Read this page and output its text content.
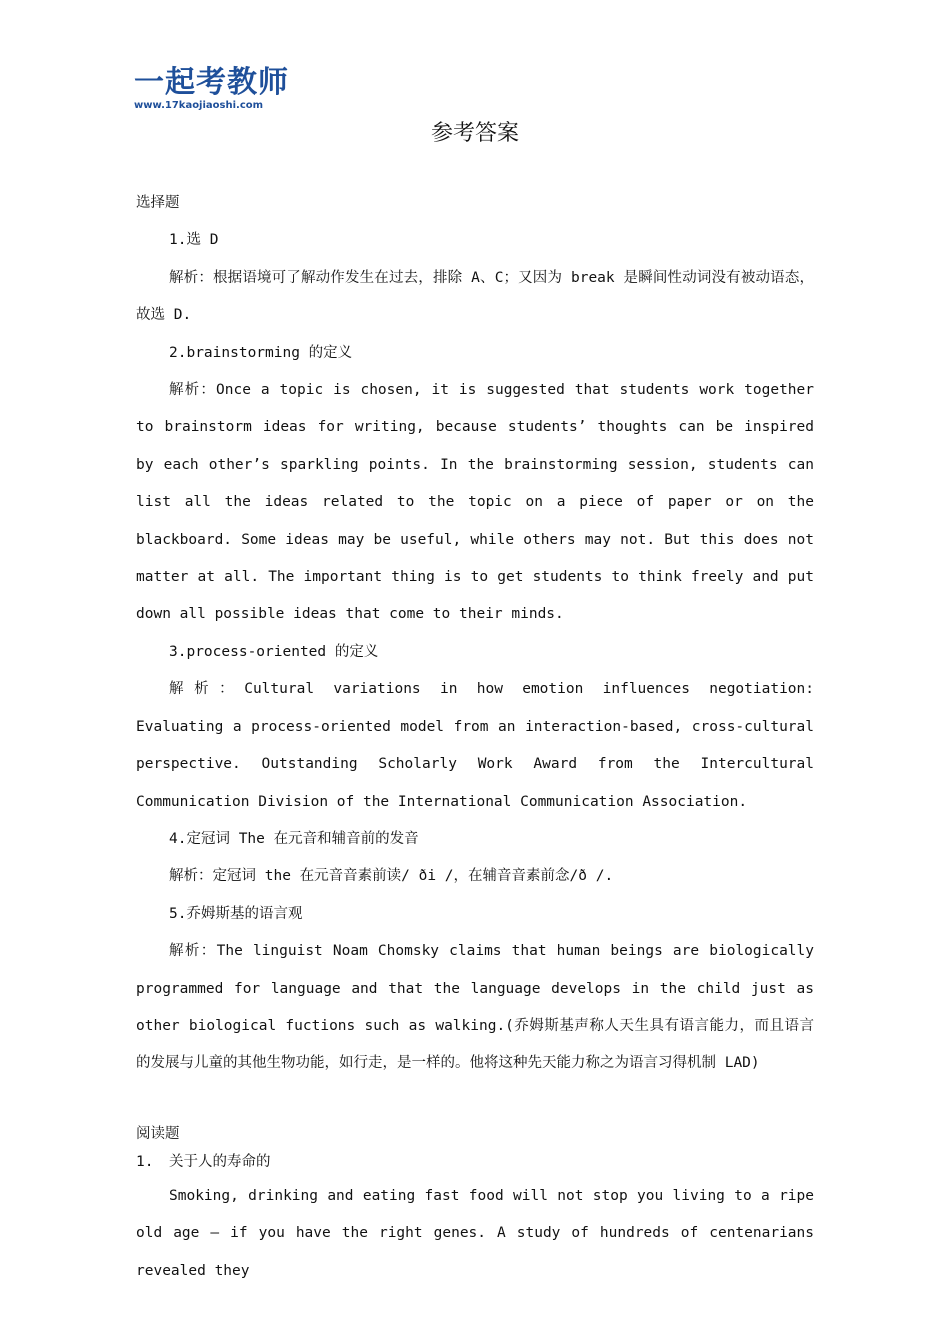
一起考教师
www.17kaojiaoshi.com
参考答案

选择题

1.选 D

解析：根据语境可了解动作发生在过去，排除 A、C；又因为 break 是瞬间性动词没有被动语态，故选 D.

2.brainstorming 的定义

解析：Once a topic is chosen, it is suggested that students work together to brainstorm ideas for writing, because students’ thoughts can be inspired by each other’s sparkling points. In the brainstorming session, students can list all the ideas related to the topic on a piece of paper or on the blackboard. Some ideas may be useful, while others may not. But this does not matter at all. The important thing is to get students to think freely and put down all possible ideas that come to their minds.

3.process-oriented 的定义

解析：Cultural variations in how emotion influences negotiation: Evaluating a process-oriented model from an interaction-based, cross-cultural perspective. Outstanding Scholarly Work Award from the Intercultural Communication Division of the International Communication Association.

4.定冠词 The 在元音和辅音前的发音

解析：定冠词 the 在元音音素前读/ ði /，在辅音音素前念/ð /.

5.乔姆斯基的语言观

解析：The linguist Noam Chomsky claims that human beings are biologically programmed for language and that the language develops in the child just as other biological fuctions such as walking.(乔姆斯基声称人天生具有语言能力，而且语言的发展与儿童的其他生物功能，如行走，是一样的。他将这种先天能力称之为语言习得机制 LAD)

阅读题

1. 关于人的寿命的

Smoking, drinking and eating fast food will not stop you living to a ripe old age – if you have the right genes. A study of hundreds of centenarians revealed they
